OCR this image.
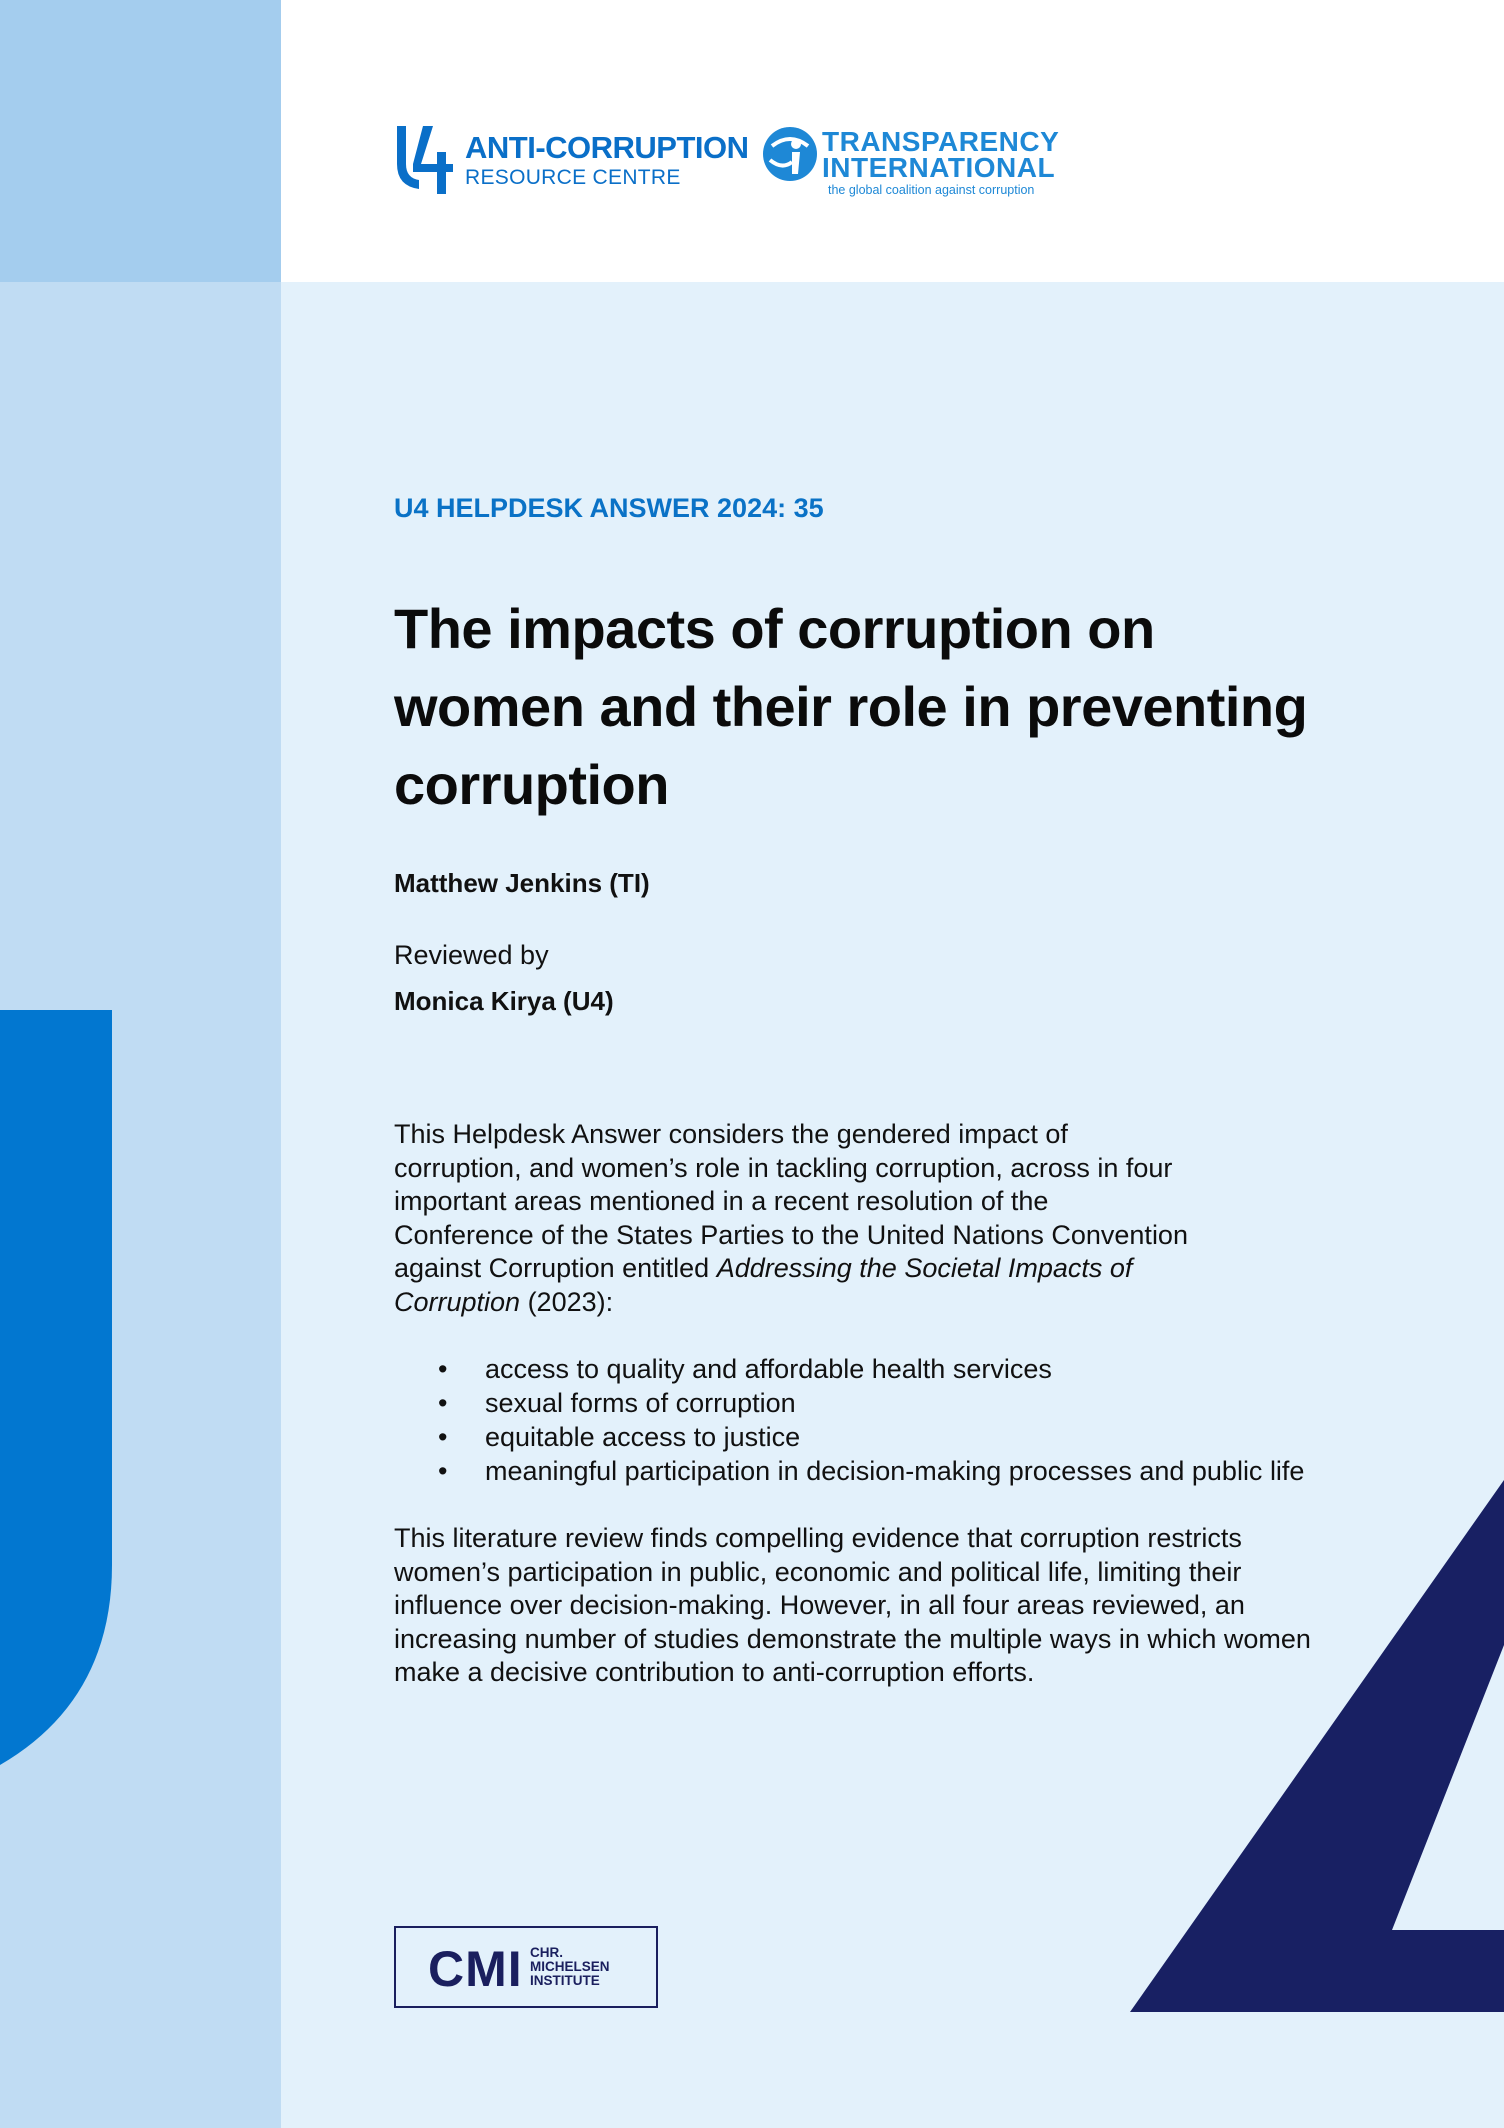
ANTI-CORRUPTION
RESOURCE CENTRE
TRANSPARENCY
INTERNATIONAL
the global coalition against corruption
U4 HELPDESK ANSWER 2024: 35
The impacts of corruption on
women and their role in preventing
corruption
Matthew Jenkins (TI)
Reviewed by
Monica Kirya (U4)

This Helpdesk Answer considers the gendered impact of corruption, and women’s role in tackling corruption, across in four important areas mentioned in a recent resolution of the Conference of the States Parties to the United Nations Convention against Corruption entitled Addressing the Societal Impacts of Corruption (2023):

• access to quality and affordable health services
• sexual forms of corruption
• equitable access to justice
• meaningful participation in decision-making processes and public life

This literature review finds compelling evidence that corruption restricts women’s participation in public, economic and political life, limiting their influence over decision-making. However, in all four areas reviewed, an increasing number of studies demonstrate the multiple ways in which women make a decisive contribution to anti-corruption efforts.

CMI CHR.
MICHELSEN
INSTITUTE
